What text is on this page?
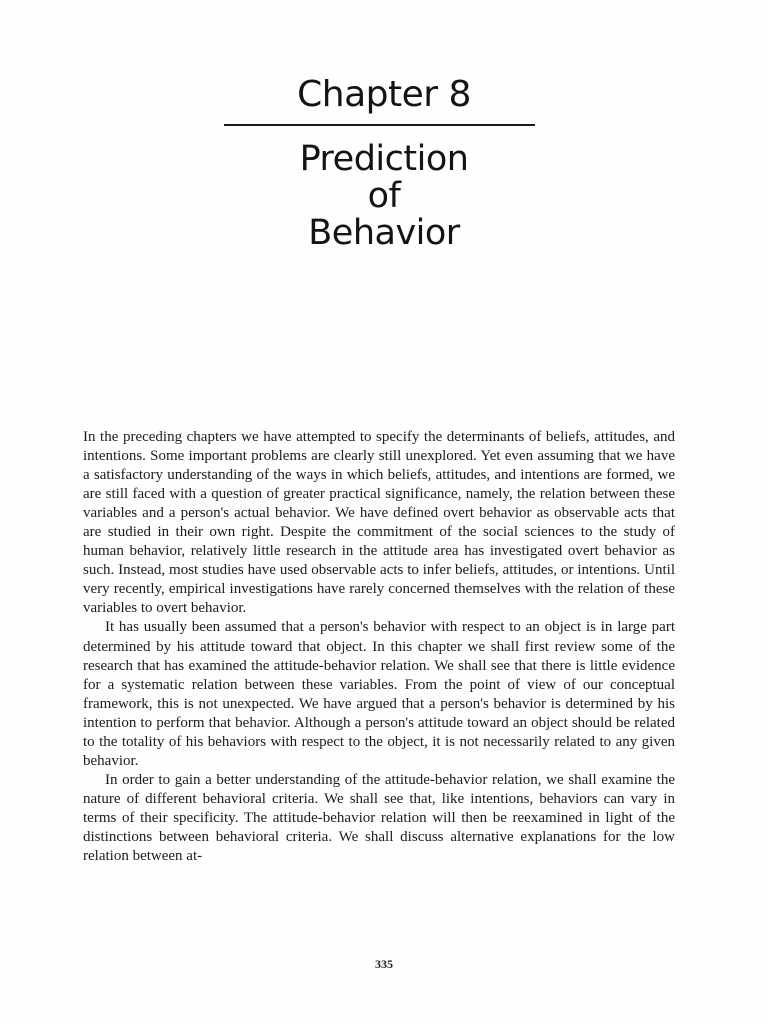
Chapter 8
Prediction
of
Behavior

In the preceding chapters we have attempted to specify the determinants of beliefs, attitudes, and intentions. Some important problems are clearly still unexplored. Yet even assuming that we have a satisfactory understanding of the ways in which beliefs, attitudes, and intentions are formed, we are still faced with a question of greater practical significance, namely, the relation between these variables and a person's actual behavior. We have defined overt behavior as observable acts that are studied in their own right. Despite the commitment of the social sciences to the study of human behavior, relatively little research in the attitude area has investigated overt behavior as such. Instead, most studies have used observable acts to infer beliefs, attitudes, or intentions. Until very recently, empirical investigations have rarely concerned themselves with the relation of these variables to overt behavior.

It has usually been assumed that a person's behavior with respect to an object is in large part determined by his attitude toward that object. In this chapter we shall first review some of the research that has examined the attitude-behavior relation. We shall see that there is little evidence for a systematic relation between these variables. From the point of view of our conceptual framework, this is not unexpected. We have argued that a person's behavior is determined by his intention to perform that behavior. Although a person's attitude toward an object should be related to the totality of his behaviors with respect to the object, it is not necessarily related to any given behavior.

In order to gain a better understanding of the attitude-behavior relation, we shall examine the nature of different behavioral criteria. We shall see that, like intentions, behaviors can vary in terms of their specificity. The attitude-behavior relation will then be reexamined in light of the distinctions between behavioral criteria. We shall discuss alternative explanations for the low relation between at-

335
